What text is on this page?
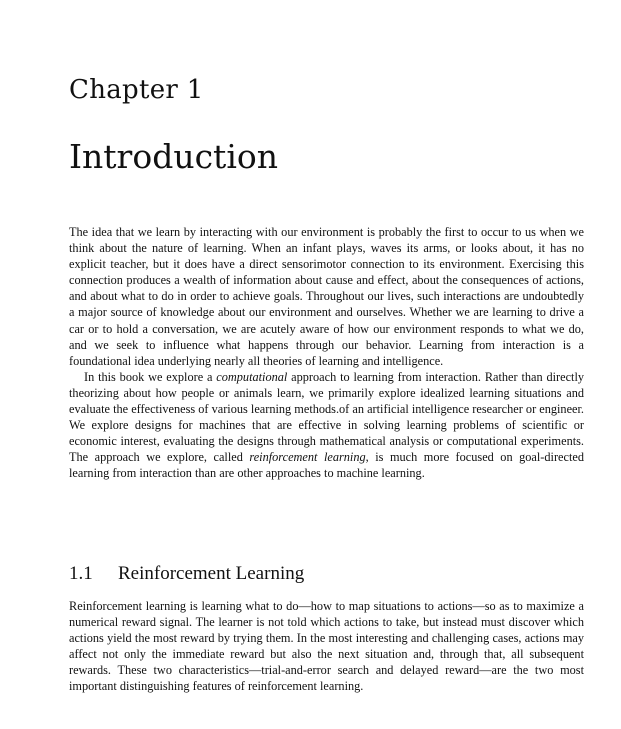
Chapter 1
Introduction

The idea that we learn by interacting with our environment is probably the first to occur to us when we think about the nature of learning. When an infant plays, waves its arms, or looks about, it has no explicit teacher, but it does have a direct sensorimotor connection to its environment. Exercising this connection produces a wealth of information about cause and effect, about the consequences of actions, and about what to do in order to achieve goals. Throughout our lives, such interactions are undoubtedly a major source of knowledge about our environment and ourselves. Whether we are learning to drive a car or to hold a conversation, we are acutely aware of how our environment responds to what we do, and we seek to influence what happens through our behavior. Learning from interaction is a foundational idea underlying nearly all theories of learning and intelligence.

In this book we explore a computational approach to learning from interaction. Rather than directly theorizing about how people or animals learn, we primarily explore idealized learning situations and evaluate the effectiveness of various learning methods.of an artificial intelligence researcher or engineer. We explore designs for machines that are effective in solving learning problems of scientific or economic interest, evaluating the designs through mathematical analysis or computational experiments. The approach we explore, called reinforcement learning, is much more focused on goal-directed learning from interaction than are other approaches to machine learning.

1.1 Reinforcement Learning

Reinforcement learning is learning what to do—how to map situations to actions—so as to maximize a numerical reward signal. The learner is not told which actions to take, but instead must discover which actions yield the most reward by trying them. In the most interesting and challenging cases, actions may affect not only the immediate reward but also the next situation and, through that, all subsequent rewards. These two characteristics—trial-and-error search and delayed reward—are the two most important distinguishing features of reinforcement learning.
